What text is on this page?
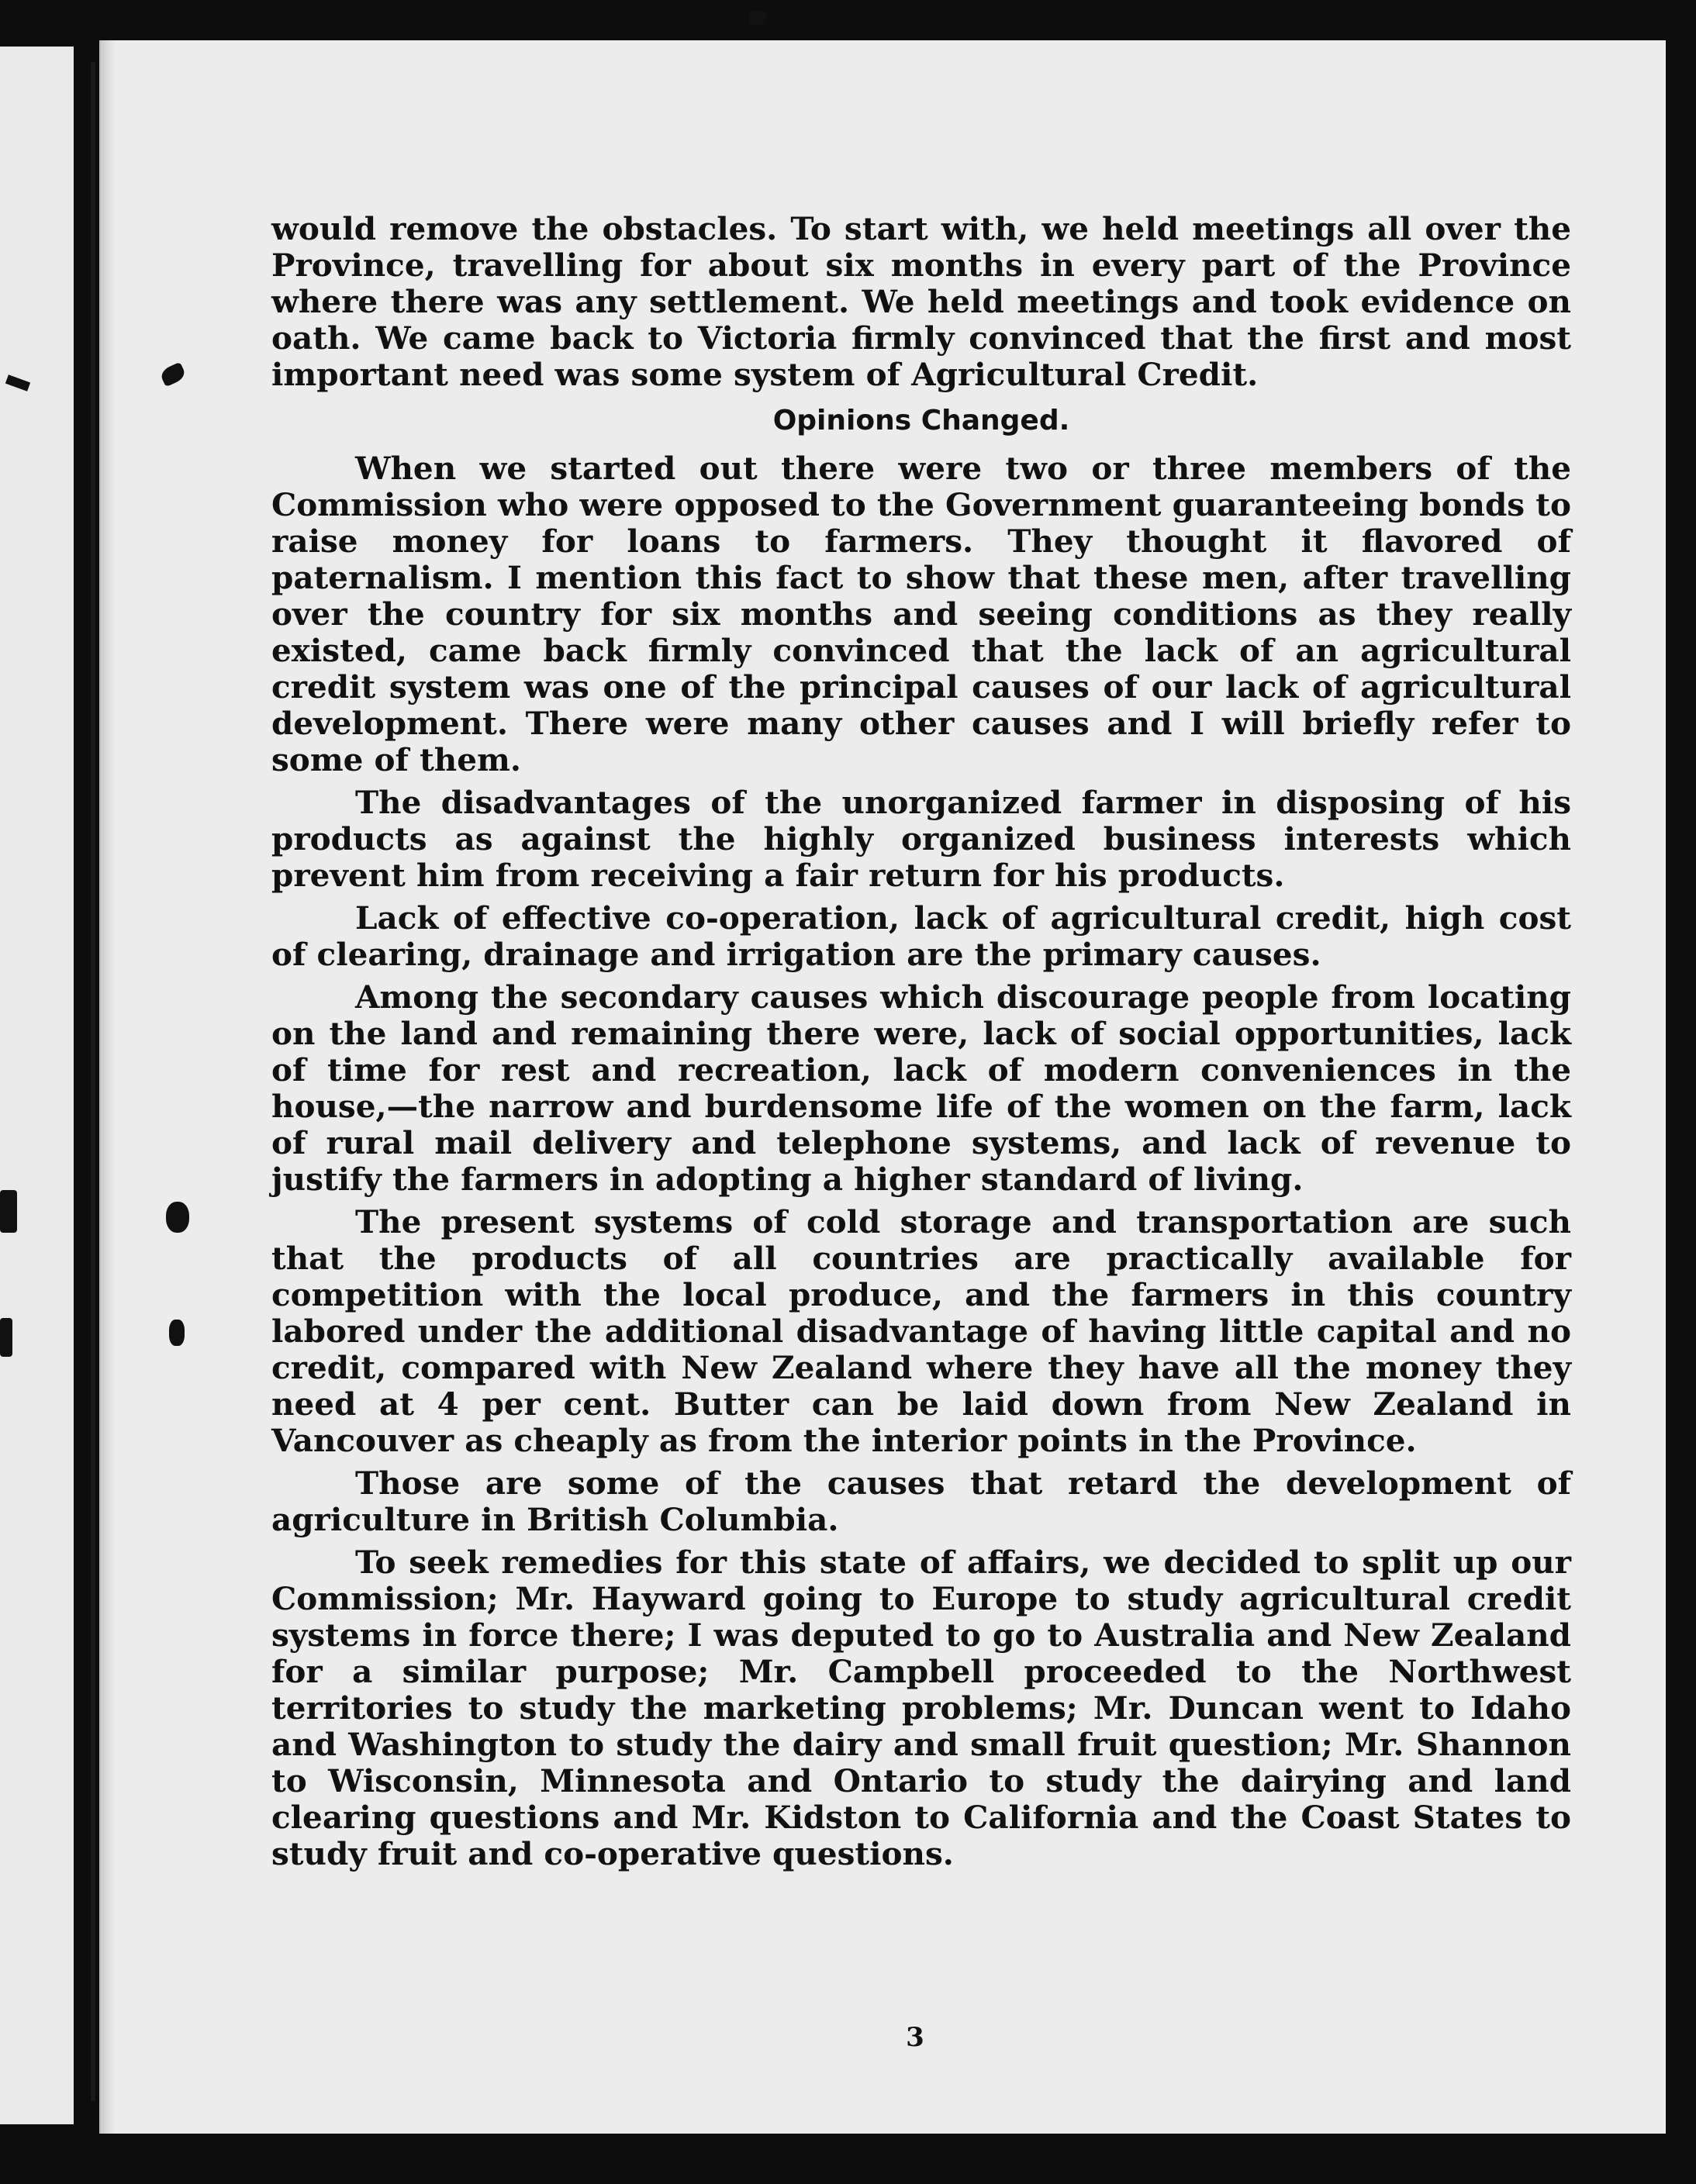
would remove the obstacles. To start with, we held meetings all over the Province, travelling for about six months in every part of the Province where there was any settlement. We held meetings and took evidence on oath. We came back to Victoria firmly convinced that the first and most important need was some system of Agricultural Credit.

Opinions Changed.

When we started out there were two or three members of the Commission who were opposed to the Government guaranteeing bonds to raise money for loans to farmers. They thought it flavored of paternalism. I mention this fact to show that these men, after travelling over the country for six months and seeing conditions as they really existed, came back firmly convinced that the lack of an agricultural credit system was one of the principal causes of our lack of agricultural development. There were many other causes and I will briefly refer to some of them.

The disadvantages of the unorganized farmer in disposing of his products as against the highly organized business interests which prevent him from receiving a fair return for his products.

Lack of effective co-operation, lack of agricultural credit, high cost of clearing, drainage and irrigation are the primary causes.

Among the secondary causes which discourage people from locating on the land and remaining there were, lack of social opportunities, lack of time for rest and recreation, lack of modern conveniences in the house,—the narrow and burdensome life of the women on the farm, lack of rural mail delivery and telephone systems, and lack of revenue to justify the farmers in adopting a higher standard of living.

The present systems of cold storage and transportation are such that the products of all countries are practically available for competition with the local produce, and the farmers in this country labored under the additional disadvantage of having little capital and no credit, compared with New Zealand where they have all the money they need at 4 per cent. Butter can be laid down from New Zealand in Vancouver as cheaply as from the interior points in the Province.

Those are some of the causes that retard the development of agriculture in British Columbia.

To seek remedies for this state of affairs, we decided to split up our Commission; Mr. Hayward going to Europe to study agricultural credit systems in force there; I was deputed to go to Australia and New Zealand for a similar purpose; Mr. Campbell proceeded to the Northwest territories to study the marketing problems; Mr. Duncan went to Idaho and Washington to study the dairy and small fruit question; Mr. Shannon to Wisconsin, Minnesota and Ontario to study the dairying and land clearing questions and Mr. Kidston to California and the Coast States to study fruit and co-operative questions.

3
